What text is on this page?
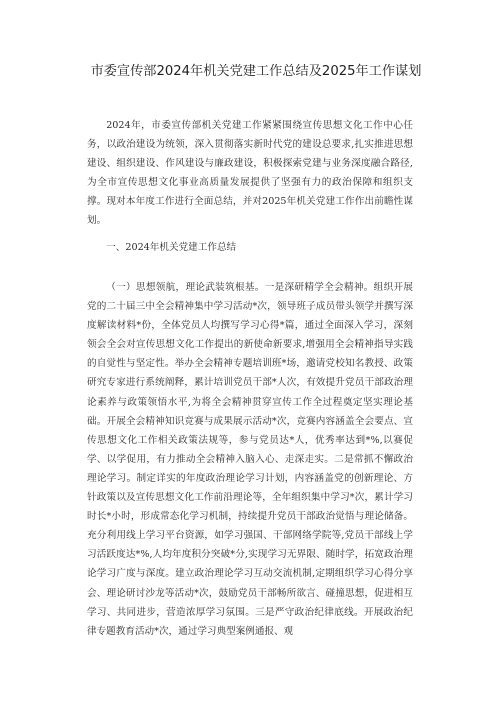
市委宣传部2024年机关党建工作总结及2025年工作谋划

2024年，市委宣传部机关党建工作紧紧围绕宣传思想文化工作中心任务，以政治建设为统领，深入贯彻落实新时代党的建设总要求,扎实推进思想建设、组织建设、作风建设与廉政建设，积极探索党建与业务深度融合路径,为全市宣传思想文化事业高质量发展提供了坚强有力的政治保障和组织支撑。现对本年度工作进行全面总结，并对2025年机关党建工作作出前瞻性谋划。

一、2024年机关党建工作总结

（一）思想领航，理论武装筑根基。一是深研精学全会精神。组织开展党的二十届三中全会精神集中学习活动*次，领导班子成员带头领学并撰写深度解读材料*份，全体党员人均撰写学习心得*篇，通过全面深入学习，深刻领会全会对宣传思想文化工作提出的新使命新要求,增强用全会精神指导实践的自觉性与坚定性。举办全会精神专题培训班*场，邀请党校知名教授、政策研究专家进行系统阐释，累计培训党员干部*人次，有效提升党员干部政治理论素养与政策领悟水平,为将全会精神贯穿宣传工作全过程奠定坚实理论基础。开展全会精神知识竞赛与成果展示活动*次，竞赛内容涵盖全会要点、宣传思想文化工作相关政策法规等，参与党员达*人，优秀率达到*%,以赛促学、以学促用，有力推动全会精神入脑入心、走深走实。二是常抓不懈政治理论学习。制定详实的年度政治理论学习计划，内容涵盖党的创新理论、方针政策以及宣传思想文化工作前沿理论等，全年组织集中学习*次，累计学习时长*小时，形成常态化学习机制，持续提升党员干部政治觉悟与理论储备。充分利用线上学习平台资源，如学习强国、干部网络学院等,党员干部线上学习活跃度达*%,人均年度积分突破*分,实现学习无界限、随时学，拓宽政治理论学习广度与深度。建立政治理论学习互动交流机制,定期组织学习心得分享会、理论研讨沙龙等活动*次，鼓励党员干部畅所欲言、碰撞思想，促进相互学习、共同进步，营造浓厚学习氛围。三是严守政治纪律底线。开展政治纪律专题教育活动*次，通过学习典型案例通报、观
